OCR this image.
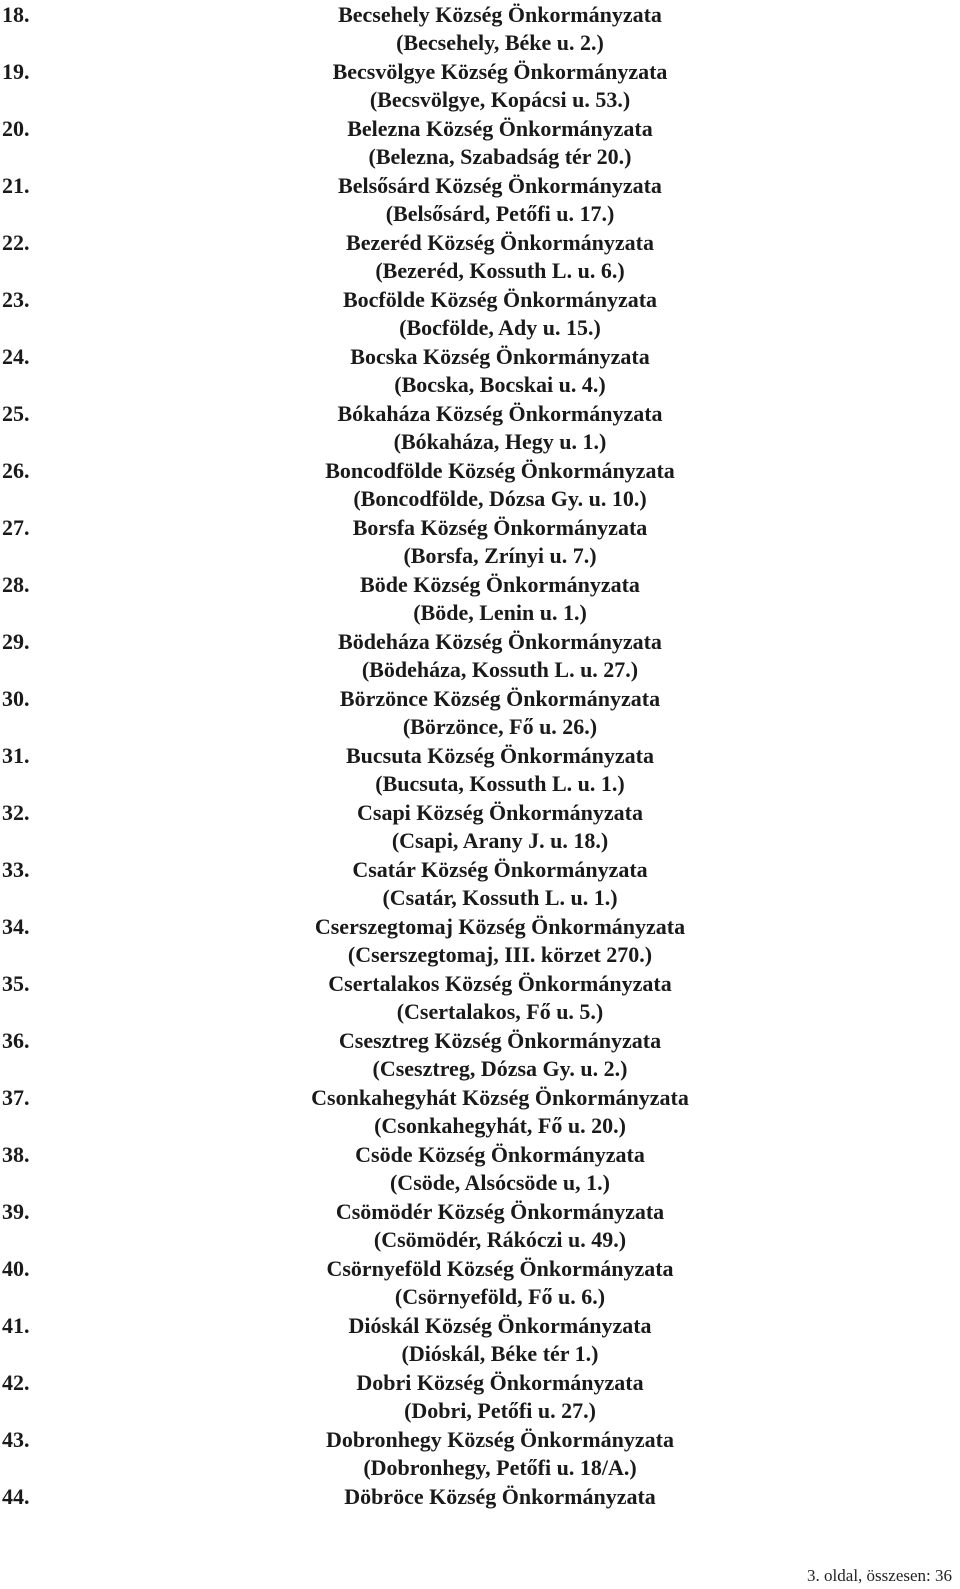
18.	Becsehely Község Önkormányzata
(Becsehely, Béke u. 2.)
19.	Becsvölgye Község Önkormányzata
(Becsvölgye, Kopácsi u. 53.)
20.	Belezna Község Önkormányzata
(Belezna, Szabadság tér 20.)
21.	Belsősárd Község Önkormányzata
(Belsősárd, Petőfi u. 17.)
22.	Bezeréd Község Önkormányzata
(Bezeréd, Kossuth L. u. 6.)
23.	Bocfölde Község Önkormányzata
(Bocfölde, Ady u. 15.)
24.	Bocska Község Önkormányzata
(Bocska, Bocskai u. 4.)
25.	Bókaháza Község Önkormányzata
(Bókaháza, Hegy u. 1.)
26.	Boncodfölde Község Önkormányzata
(Boncodfölde, Dózsa Gy. u. 10.)
27.	Borsfa Község Önkormányzata
(Borsfa, Zrínyi u. 7.)
28.	Böde Község Önkormányzata
(Böde, Lenin u. 1.)
29.	Bödeháza Község Önkormányzata
(Bödeháza, Kossuth L. u. 27.)
30.	Börzönce Község Önkormányzata
(Börzönce, Fő u. 26.)
31.	Bucsuta Község Önkormányzata
(Bucsuta, Kossuth L. u. 1.)
32.	Csapi Község Önkormányzata
(Csapi, Arany J. u. 18.)
33.	Csatár Község Önkormányzata
(Csatár, Kossuth L. u. 1.)
34.	Cserszegtomaj Község Önkormányzata
(Cserszegtomaj, III. körzet 270.)
35.	Csertalakos Község Önkormányzata
(Csertalakos, Fő u. 5.)
36.	Csesztreg Község Önkormányzata
(Csesztreg, Dózsa Gy. u. 2.)
37.	Csonkahegyhát Község Önkormányzata
(Csonkahegyhát, Fő u. 20.)
38.	Csöde Község Önkormányzata
(Csöde, Alsócsöde u, 1.)
39.	Csömödér Község Önkormányzata
(Csömödér, Rákóczi u. 49.)
40.	Csörnyeföld Község Önkormányzata
(Csörnyeföld, Fő u. 6.)
41.	Dióskál Község Önkormányzata
(Dióskál, Béke tér 1.)
42.	Dobri Község Önkormányzata
(Dobri, Petőfi u. 27.)
43.	Dobronhegy Község Önkormányzata
(Dobronhegy, Petőfi u. 18/A.)
44.	Döbröce Község Önkormányzata
3. oldal, összesen: 36
